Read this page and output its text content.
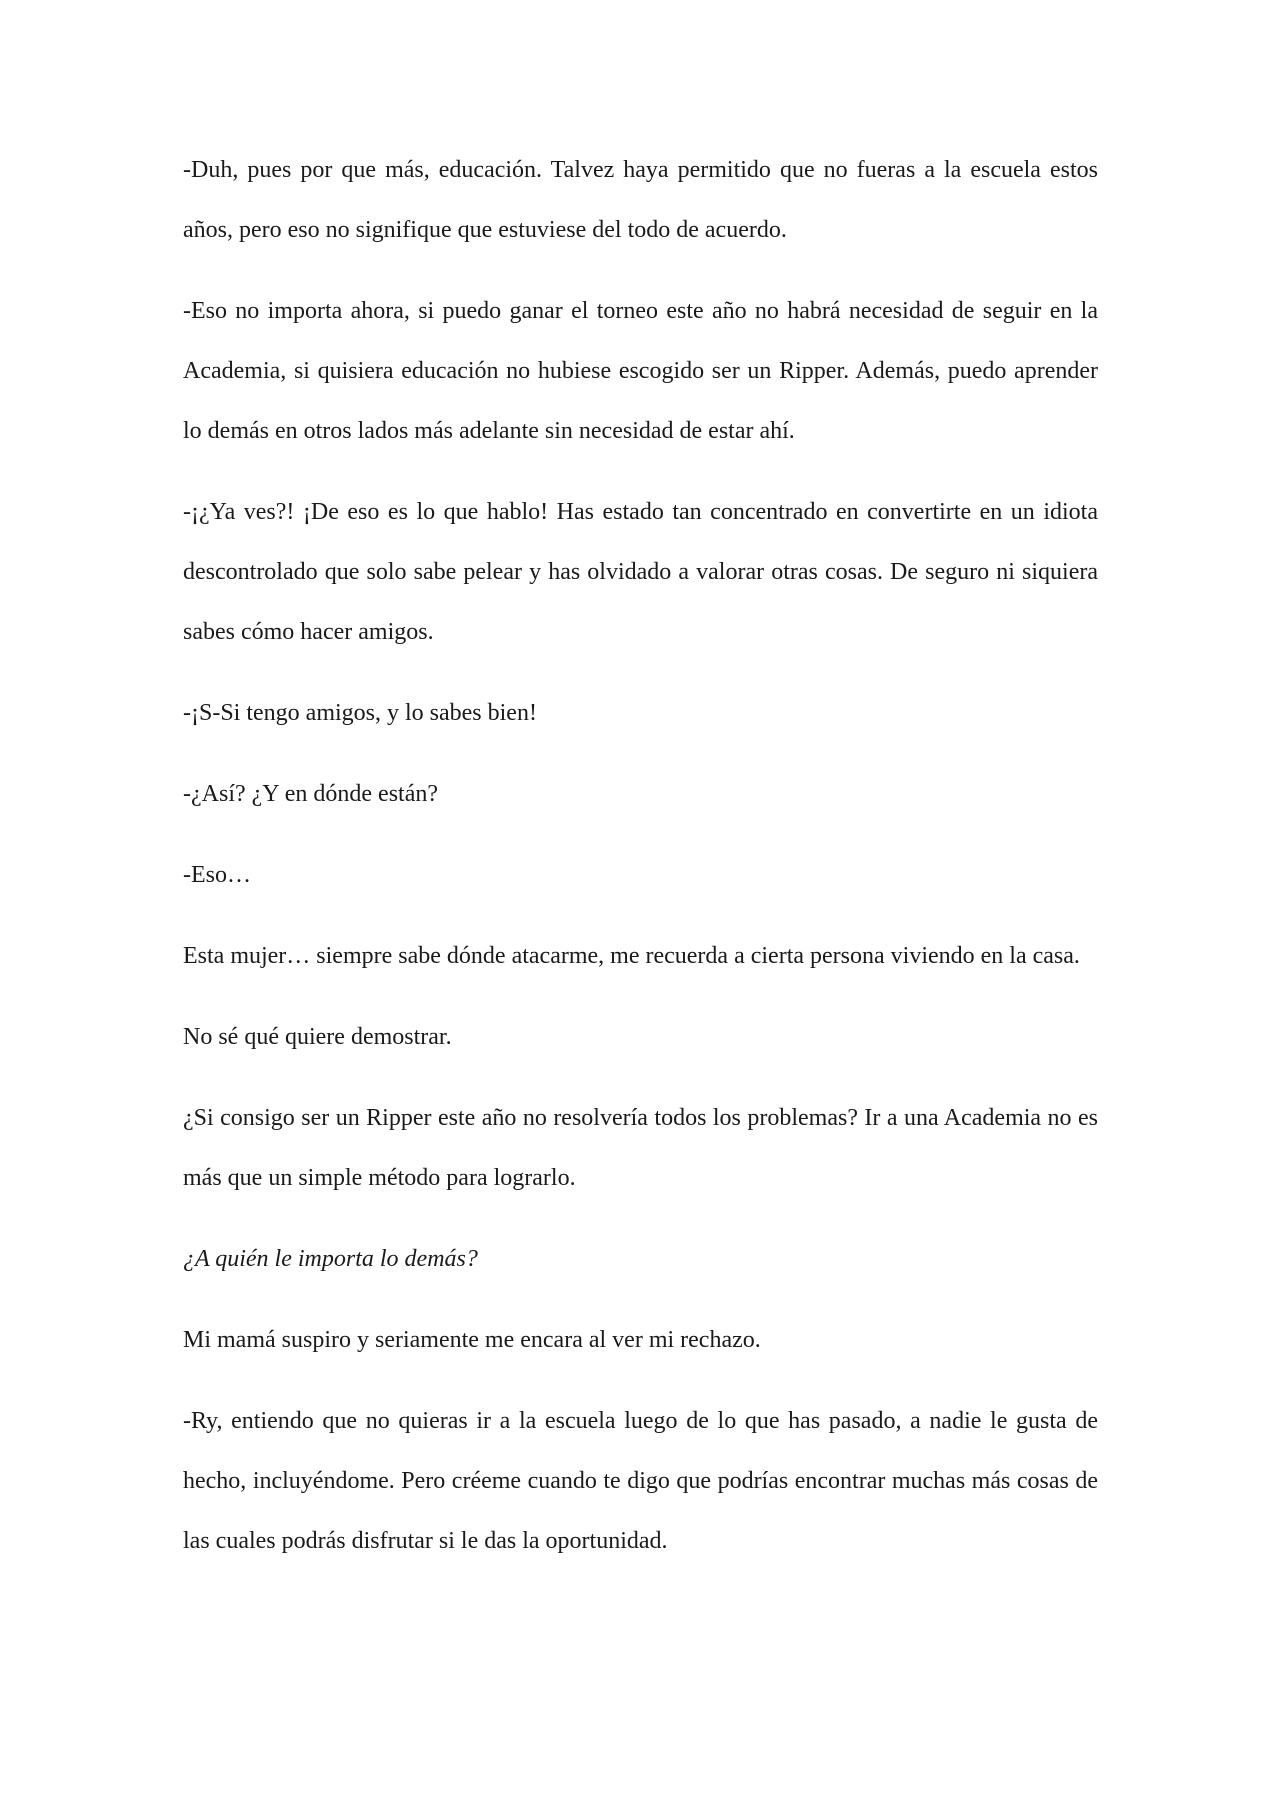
-Duh, pues por que más, educación. Talvez haya permitido que no fueras a la escuela estos años, pero eso no signifique que estuviese del todo de acuerdo.

-Eso no importa ahora, si puedo ganar el torneo este año no habrá necesidad de seguir en la Academia, si quisiera educación no hubiese escogido ser un Ripper. Además, puedo aprender lo demás en otros lados más adelante sin necesidad de estar ahí.

-¡¿Ya ves?! ¡De eso es lo que hablo! Has estado tan concentrado en convertirte en un idiota descontrolado que solo sabe pelear y has olvidado a valorar otras cosas. De seguro ni siquiera sabes cómo hacer amigos.

-¡S-Si tengo amigos, y lo sabes bien!

-¿Así? ¿Y en dónde están?

-Eso…

Esta mujer… siempre sabe dónde atacarme, me recuerda a cierta persona viviendo en la casa.

No sé qué quiere demostrar.

¿Si consigo ser un Ripper este año no resolvería todos los problemas? Ir a una Academia no es más que un simple método para lograrlo.

¿A quién le importa lo demás?

Mi mamá suspiro y seriamente me encara al ver mi rechazo.

-Ry, entiendo que no quieras ir a la escuela luego de lo que has pasado, a nadie le gusta de hecho, incluyéndome. Pero créeme cuando te digo que podrías encontrar muchas más cosas de las cuales podrás disfrutar si le das la oportunidad.
